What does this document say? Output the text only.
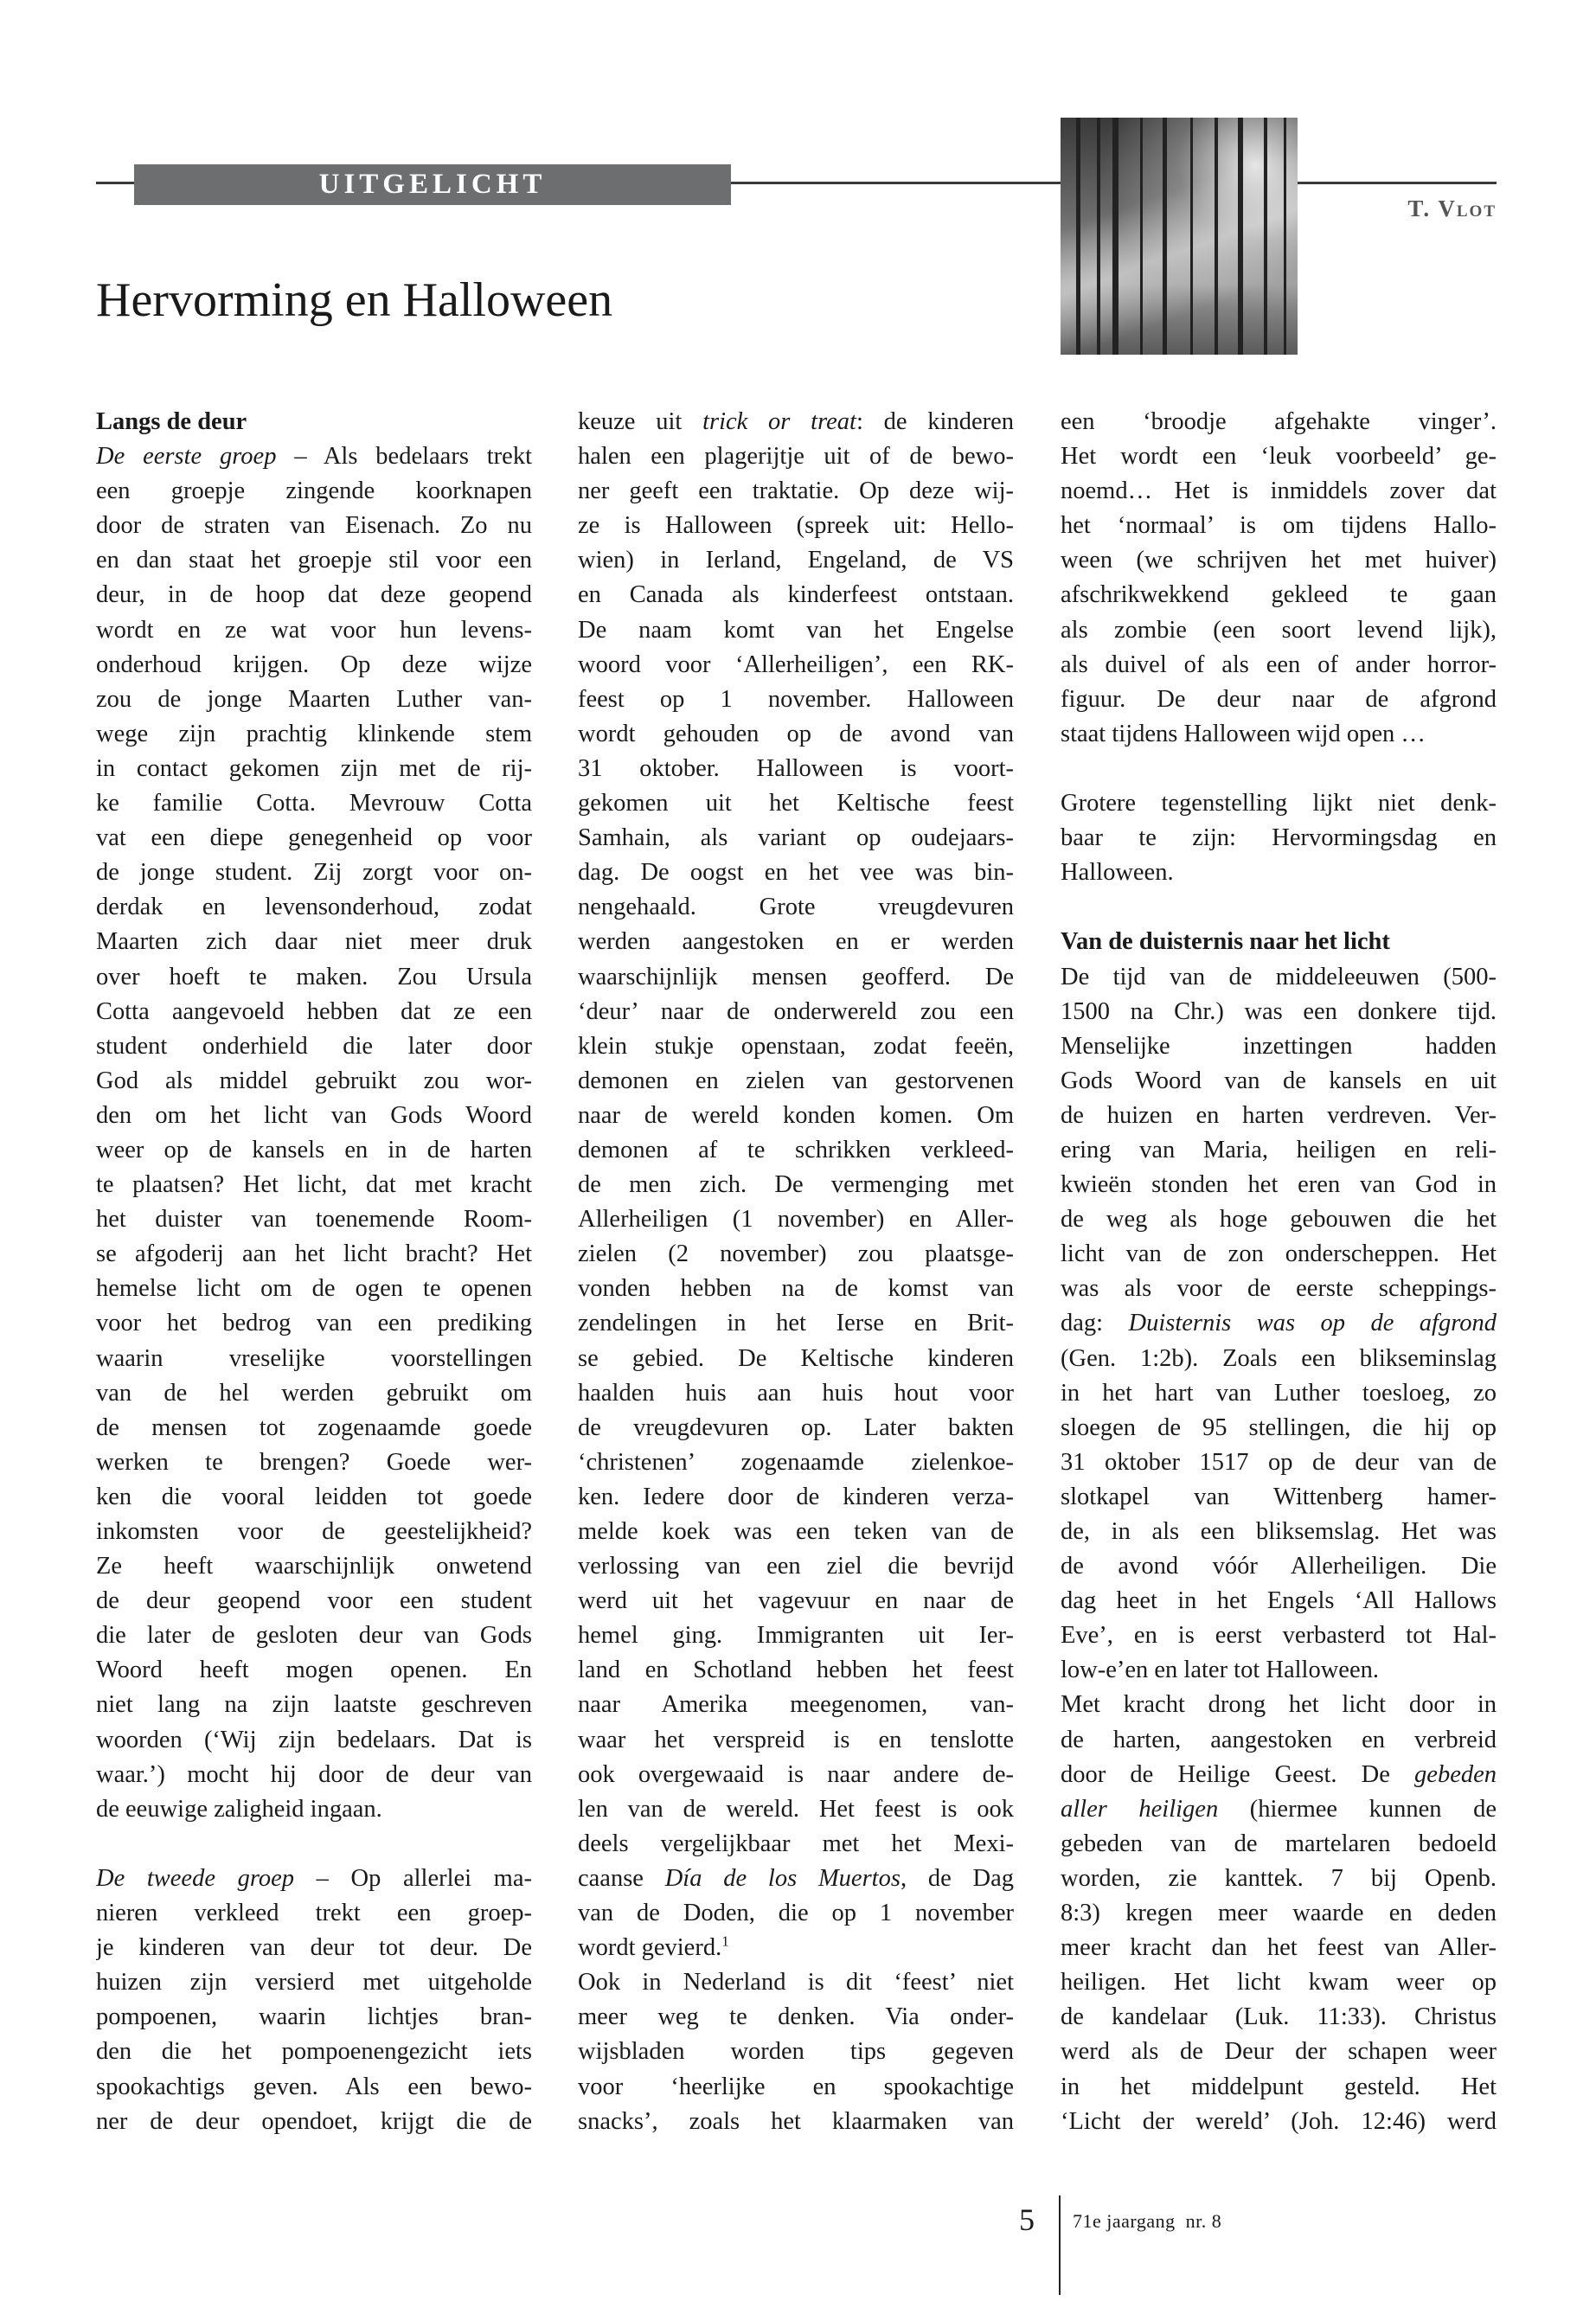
UITGELICHT
T. Vlot
Hervorming en Halloween
Langs de deur
De eerste groep – Als bedelaars trekt
een groepje zingende koorknapen
door de straten van Eisenach. Zo nu
en dan staat het groepje stil voor een
deur, in de hoop dat deze geopend
wordt en ze wat voor hun levens-
onderhoud krijgen. Op deze wijze
zou de jonge Maarten Luther van-
wege zijn prachtig klinkende stem
in contact gekomen zijn met de rij-
ke familie Cotta. Mevrouw Cotta
vat een diepe genegenheid op voor
de jonge student. Zij zorgt voor on-
derdak en levensonderhoud, zodat
Maarten zich daar niet meer druk
over hoeft te maken. Zou Ursula
Cotta aangevoeld hebben dat ze een
student onderhield die later door
God als middel gebruikt zou wor-
den om het licht van Gods Woord
weer op de kansels en in de harten
te plaatsen? Het licht, dat met kracht
het duister van toenemende Room-
se afgoderij aan het licht bracht? Het
hemelse licht om de ogen te openen
voor het bedrog van een prediking
waarin vreselijke voorstellingen
van de hel werden gebruikt om
de mensen tot zogenaamde goede
werken te brengen? Goede wer-
ken die vooral leidden tot goede
inkomsten voor de geestelijkheid?
Ze heeft waarschijnlijk onwetend
de deur geopend voor een student
die later de gesloten deur van Gods
Woord heeft mogen openen. En
niet lang na zijn laatste geschreven
woorden (‘Wij zijn bedelaars. Dat is
waar.’) mocht hij door de deur van
de eeuwige zaligheid ingaan.
De tweede groep – Op allerlei ma-
nieren verkleed trekt een groep-
je kinderen van deur tot deur. De
huizen zijn versierd met uitgeholde
pompoenen, waarin lichtjes bran-
den die het pompoenengezicht iets
spookachtigs geven. Als een bewo-
ner de deur opendoet, krijgt die de
keuze uit trick or treat: de kinderen
halen een plagerijtje uit of de bewo-
ner geeft een traktatie. Op deze wij-
ze is Halloween (spreek uit: Hello-
wien) in Ierland, Engeland, de VS
en Canada als kinderfeest ontstaan.
De naam komt van het Engelse
woord voor ‘Allerheiligen’, een RK-
feest op 1 november. Halloween
wordt gehouden op de avond van
31 oktober. Halloween is voort-
gekomen uit het Keltische feest
Samhain, als variant op oudejaars-
dag. De oogst en het vee was bin-
nengehaald. Grote vreugdevuren
werden aangestoken en er werden
waarschijnlijk mensen geofferd. De
‘deur’ naar de onderwereld zou een
klein stukje openstaan, zodat feeën,
demonen en zielen van gestorvenen
naar de wereld konden komen. Om
demonen af te schrikken verkleed-
de men zich. De vermenging met
Allerheiligen (1 november) en Aller-
zielen (2 november) zou plaatsge-
vonden hebben na de komst van
zendelingen in het Ierse en Brit-
se gebied. De Keltische kinderen
haalden huis aan huis hout voor
de vreugdevuren op. Later bakten
‘christenen’ zogenaamde zielenkoe-
ken. Iedere door de kinderen verza-
melde koek was een teken van de
verlossing van een ziel die bevrijd
werd uit het vagevuur en naar de
hemel ging. Immigranten uit Ier-
land en Schotland hebben het feest
naar Amerika meegenomen, van-
waar het verspreid is en tenslotte
ook overgewaaid is naar andere de-
len van de wereld. Het feest is ook
deels vergelijkbaar met het Mexi-
caanse Día de los Muertos, de Dag
van de Doden, die op 1 november
wordt gevierd.$^1$
Ook in Nederland is dit ‘feest’ niet
meer weg te denken. Via onder-
wijsbladen worden tips gegeven
voor ‘heerlijke en spookachtige
snacks’, zoals het klaarmaken van
een ‘broodje afgehakte vinger’.
Het wordt een ‘leuk voorbeeld’ ge-
noemd… Het is inmiddels zover dat
het ‘normaal’ is om tijdens Hallo-
ween (we schrijven het met huiver)
afschrikwekkend gekleed te gaan
als zombie (een soort levend lijk),
als duivel of als een of ander horror-
figuur. De deur naar de afgrond
staat tijdens Halloween wijd open …
Grotere tegenstelling lijkt niet denk-
baar te zijn: Hervormingsdag en
Halloween.
Van de duisternis naar het licht
De tijd van de middeleeuwen (500-
1500 na Chr.) was een donkere tijd.
Menselijke inzettingen hadden
Gods Woord van de kansels en uit
de huizen en harten verdreven. Ver-
ering van Maria, heiligen en reli-
kwieën stonden het eren van God in
de weg als hoge gebouwen die het
licht van de zon onderscheppen. Het
was als voor de eerste scheppings-
dag: Duisternis was op de afgrond
(Gen. 1:2b). Zoals een blikseminslag
in het hart van Luther toesloeg, zo
sloegen de 95 stellingen, die hij op
31 oktober 1517 op de deur van de
slotkapel van Wittenberg hamer-
de, in als een bliksemslag. Het was
de avond vóór Allerheiligen. Die
dag heet in het Engels ‘All Hallows
Eve’, en is eerst verbasterd tot Hal-
low-e’en en later tot Halloween.
Met kracht drong het licht door in
de harten, aangestoken en verbreid
door de Heilige Geest. De gebeden
aller heiligen (hiermee kunnen de
gebeden van de martelaren bedoeld
worden, zie kanttek. 7 bij Openb.
8:3) kregen meer waarde en deden
meer kracht dan het feest van Aller-
heiligen. Het licht kwam weer op
de kandelaar (Luk. 11:33). Christus
werd als de Deur der schapen weer
in het middelpunt gesteld. Het
‘Licht der wereld’ (Joh. 12:46) werd
5 71e jaargang  nr. 8
